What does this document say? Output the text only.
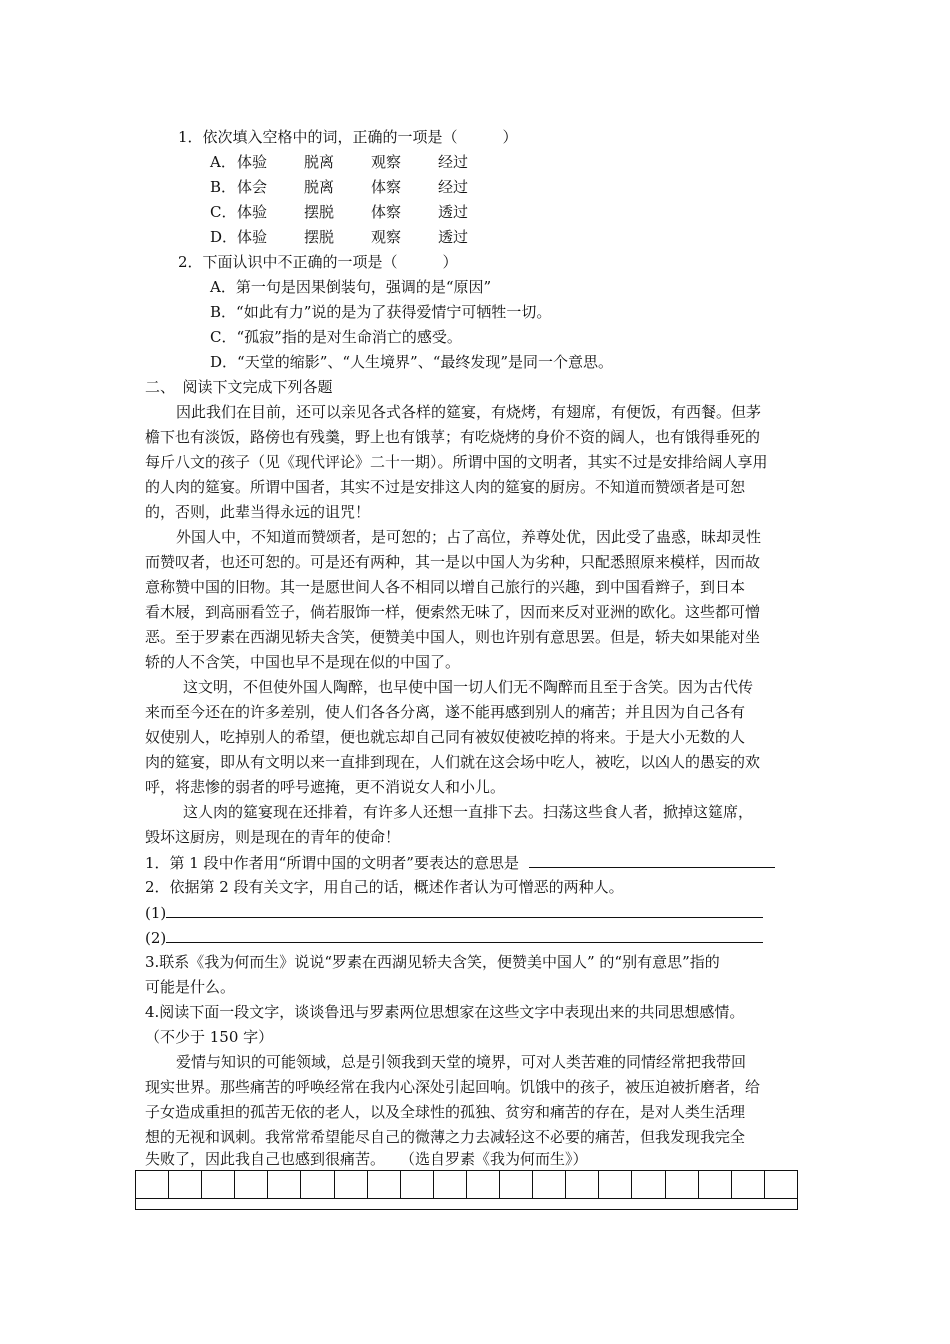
1．依次填入空格中的词，正确的一项是（　　　）
A．体验 脱离 观察 经过
B．体会 脱离 体察 经过
C．体验 摆脱 体察 透过
D．体验 摆脱 观察 透过
2．下面认识中不正确的一项是（　　　）
A．第一句是因果倒装句，强调的是“原因”
B．“如此有力”说的是为了获得爱情宁可牺牲一切。
C．“孤寂”指的是对生命消亡的感受。
D．“天堂的缩影”、“人生境界”、“最终发现”是同一个意思。
二、　阅读下文完成下列各题
因此我们在目前，还可以亲见各式各样的筵宴，有烧烤，有翅席，有便饭，有西餐。但茅
檐下也有淡饭，路傍也有残羹，野上也有饿莩；有吃烧烤的身价不资的阔人，也有饿得垂死的
每斤八文的孩子（见《现代评论》二十一期）。所谓中国的文明者，其实不过是安排给阔人享用
的人肉的筵宴。所谓中国者，其实不过是安排这人肉的筵宴的厨房。不知道而赞颂者是可恕
的，否则，此辈当得永远的诅咒！
外国人中，不知道而赞颂者，是可恕的；占了高位，养尊处优，因此受了蛊惑，昧却灵性
而赞叹者，也还可恕的。可是还有两种，其一是以中国人为劣种，只配悉照原来模样，因而故
意称赞中国的旧物。其一是愿世间人各不相同以增自己旅行的兴趣，到中国看辫子，到日本
看木屐，到高丽看笠子，倘若服饰一样，便索然无味了，因而来反对亚洲的欧化。这些都可憎
恶。至于罗素在西湖见轿夫含笑，便赞美中国人，则也许别有意思罢。但是，轿夫如果能对坐
轿的人不含笑，中国也早不是现在似的中国了。
这文明，不但使外国人陶醉，也早使中国一切人们无不陶醉而且至于含笑。因为古代传
来而至今还在的许多差别，使人们各各分离，遂不能再感到别人的痛苦；并且因为自己各有
奴使别人，吃掉别人的希望，便也就忘却自己同有被奴使被吃掉的将来。于是大小无数的人
肉的筵宴，即从有文明以来一直排到现在，人们就在这会场中吃人，被吃，以凶人的愚妄的欢
呼，将悲惨的弱者的呼号遮掩，更不消说女人和小儿。
这人肉的筵宴现在还排着，有许多人还想一直排下去。扫荡这些食人者，掀掉这筵席，
毁坏这厨房，则是现在的青年的使命！
1．第 1 段中作者用“所谓中国的文明者”要表达的意思是
2．依据第 2 段有关文字，用自己的话，概述作者认为可憎恶的两种人。
(1)
(2)
3.联系《我为何而生》说说“罗素在西湖见轿夫含笑，便赞美中国人” 的“别有意思”指的
可能是什么。
4.阅读下面一段文字，谈谈鲁迅与罗素两位思想家在这些文字中表现出来的共同思想感情。
（不少于 150 字）
爱情与知识的可能领域，总是引领我到天堂的境界，可对人类苦难的同情经常把我带回
现实世界。那些痛苦的呼唤经常在我内心深处引起回响。饥饿中的孩子，被压迫被折磨者，给
子女造成重担的孤苦无依的老人，以及全球性的孤独、贫穷和痛苦的存在，是对人类生活理
想的无视和讽刺。我常常希望能尽自己的微薄之力去减轻这不必要的痛苦，但我发现我完全
失败了，因此我自己也感到很痛苦。　　（选自罗素《我为何而生》）
